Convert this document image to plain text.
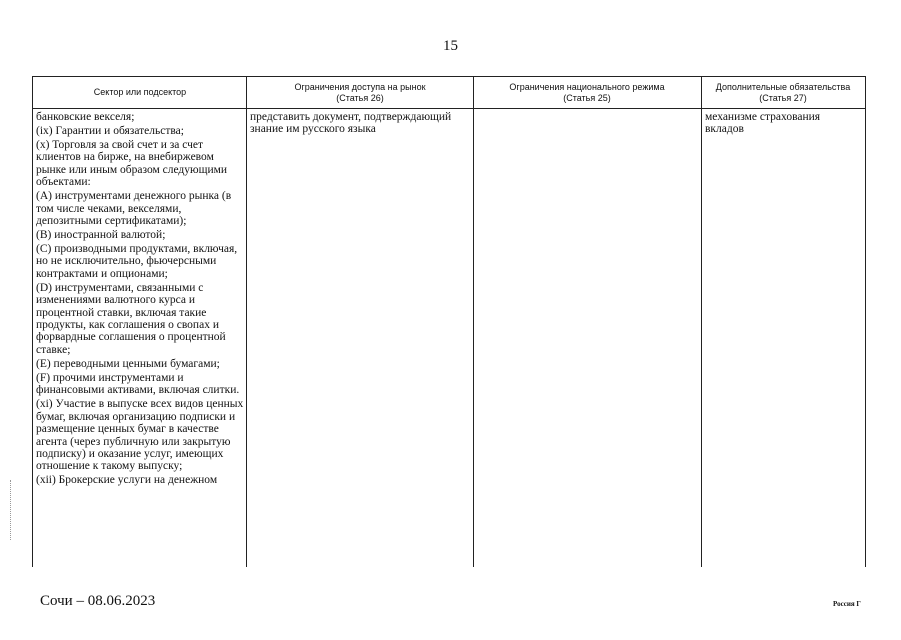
15
Сектор или подсектор
Ограничения доступа на рынок
(Статья 26)
Ограничения национального режима
(Статья 25)
Дополнительные обязательства
(Статья 27)

банковские векселя;

(ix) Гарантии и обязательства;

(x) Торговля за свой счет и за счет клиентов на бирже, на внебиржевом рынке или иным образом следующими объектами:

(A) инструментами денежного рынка (в том числе чеками, векселями, депозитными сертификатами);

(B) иностранной валютой;

(C) производными продуктами, включая, но не исключительно, фьючерсными контрактами и опционами;

(D) инструментами, связанными с изменениями валютного курса и процентной ставки, включая такие продукты, как соглашения о свопах и форвардные соглашения о процентной ставке;

(E) переводными ценными бумагами;

(F) прочими инструментами и финансовыми активами, включая слитки.

(xi) Участие в выпуске всех видов ценных бумаг, включая организацию подписки и размещение ценных бумаг в качестве агента (через публичную или закрытую подписку) и оказание услуг, имеющих отношение к такому выпуску;

(xii) Брокерские услуги на денежном

представить документ, подтверждающий знание им русского языка
механизме страхования вкладов
Сочи – 08.06.2023	Россия Г
